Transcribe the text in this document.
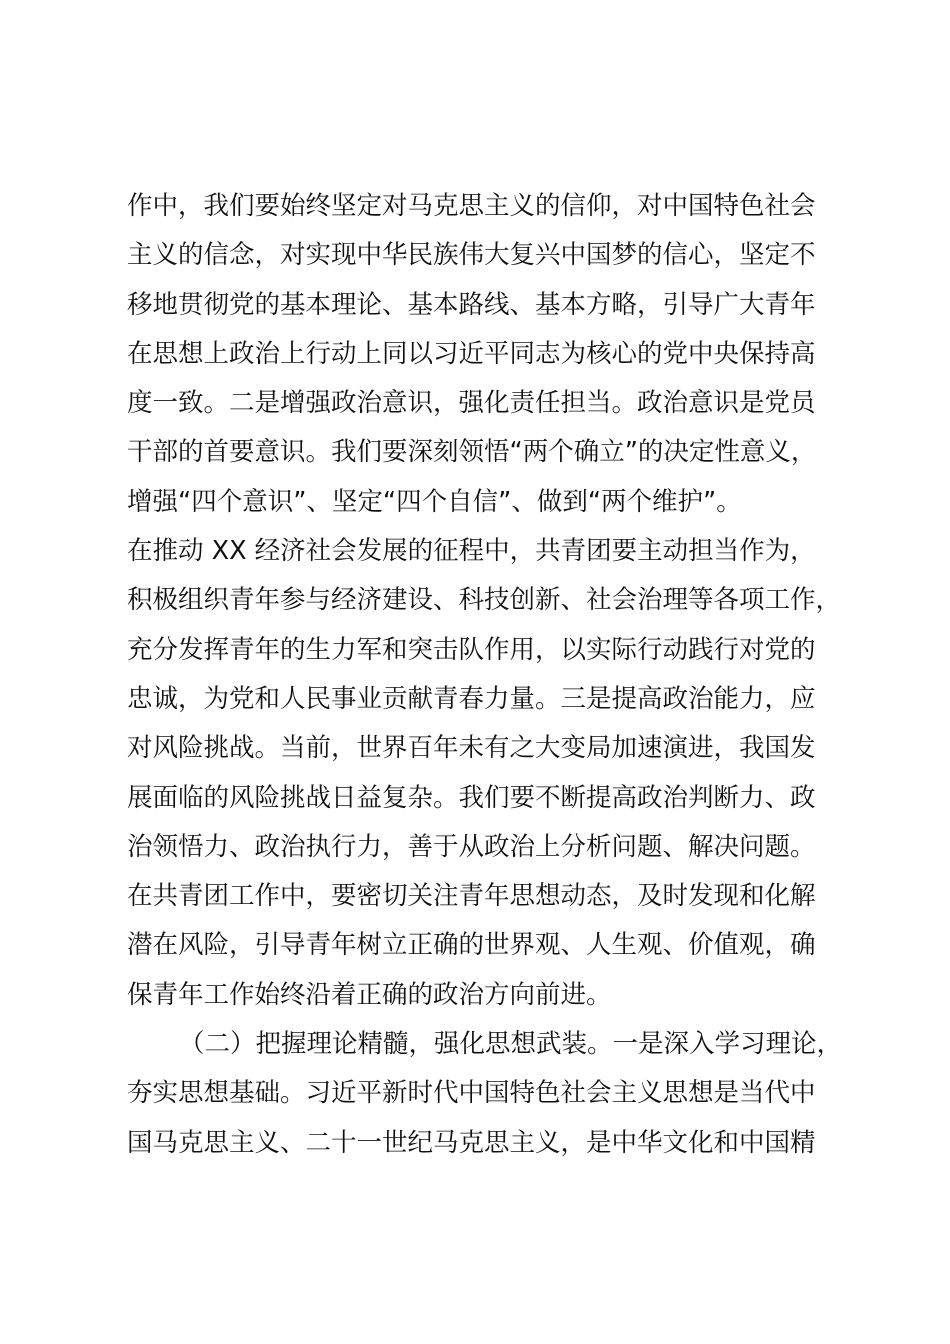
作中，我们要始终坚定对马克思主义的信仰，对中国特色社会
主义的信念，对实现中华民族伟大复兴中国梦的信心，坚定不
移地贯彻党的基本理论、基本路线、基本方略，引导广大青年
在思想上政治上行动上同以习近平同志为核心的党中央保持高
度一致。二是增强政治意识，强化责任担当。政治意识是党员
干部的首要意识。我们要深刻领悟“两个确立”的决定性意义，
增强“四个意识”、坚定“四个自信”、做到“两个维护”。
在推动 XX 经济社会发展的征程中，共青团要主动担当作为，
积极组织青年参与经济建设、科技创新、社会治理等各项工作，
充分发挥青年的生力军和突击队作用，以实际行动践行对党的
忠诚，为党和人民事业贡献青春力量。三是提高政治能力，应
对风险挑战。当前，世界百年未有之大变局加速演进，我国发
展面临的风险挑战日益复杂。我们要不断提高政治判断力、政
治领悟力、政治执行力，善于从政治上分析问题、解决问题。
在共青团工作中，要密切关注青年思想动态，及时发现和化解
潜在风险，引导青年树立正确的世界观、人生观、价值观，确
保青年工作始终沿着正确的政治方向前进。
（二）把握理论精髓，强化思想武装。一是深入学习理论，
夯实思想基础。习近平新时代中国特色社会主义思想是当代中
国马克思主义、二十一世纪马克思主义，是中华文化和中国精
